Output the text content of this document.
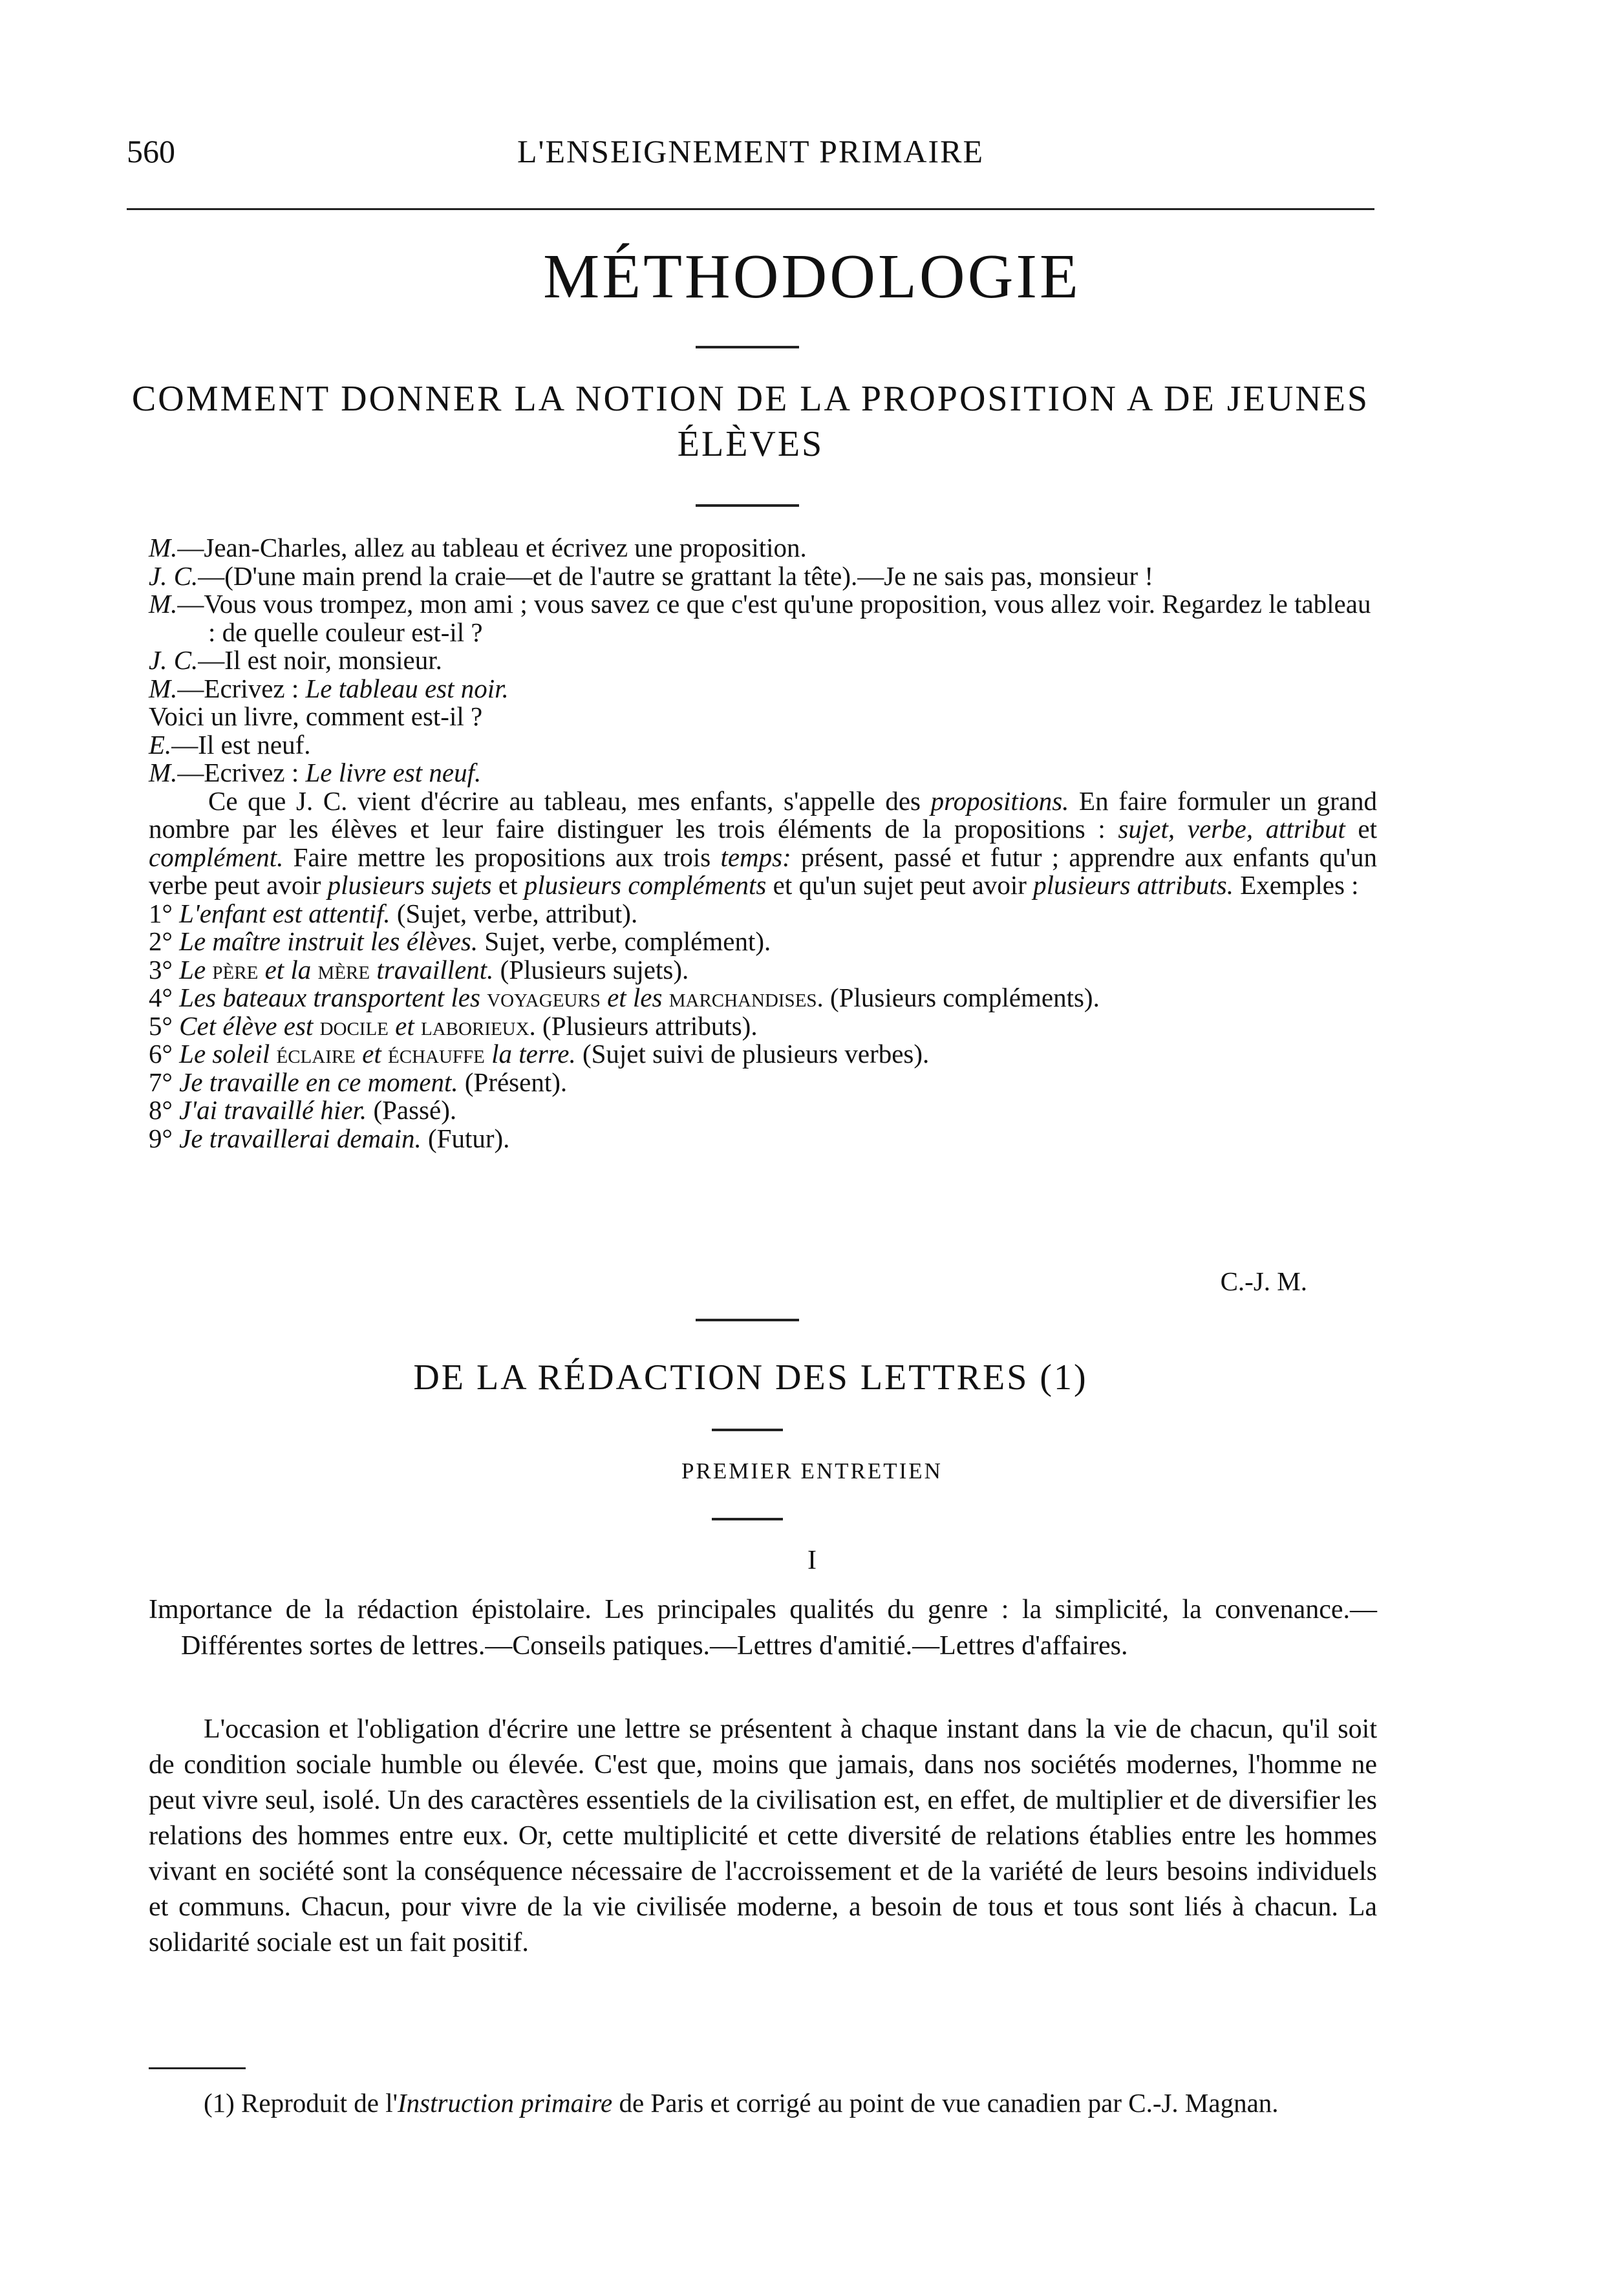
560	L'ENSEIGNEMENT PRIMAIRE
MÉTHODOLOGIE
COMMENT DONNER LA NOTION DE LA PROPOSITION A DE JEUNES ÉLÈVES

M.—Jean-Charles, allez au tableau et écrivez une proposition.

J. C.—(D'une main prend la craie—et de l'autre se grattant la tête).—Je ne sais pas, monsieur !

M.—Vous vous trompez, mon ami ; vous savez ce que c'est qu'une proposition, vous allez voir. Regardez le tableau : de quelle couleur est-il ?

J. C.—Il est noir, monsieur.

M.—Ecrivez : Le tableau est noir.

Voici un livre, comment est-il ?

E.—Il est neuf.

M.—Ecrivez : Le livre est neuf.

Ce que J. C. vient d'écrire au tableau, mes enfants, s'appelle des propositions. En faire formuler un grand nombre par les élèves et leur faire distinguer les trois éléments de la propositions : sujet, verbe, attribut et complément. Faire mettre les propositions aux trois temps: présent, passé et futur ; apprendre aux enfants qu'un verbe peut avoir plusieurs sujets et plusieurs compléments et qu'un sujet peut avoir plusieurs attributs. Exemples :

1° L'enfant est attentif. (Sujet, verbe, attribut).

2° Le maître instruit les élèves. Sujet, verbe, complément).

3° Le père et la mère travaillent. (Plusieurs sujets).

4° Les bateaux transportent les voyageurs et les marchandises. (Plusieurs compléments).

5° Cet élève est docile et laborieux. (Plusieurs attributs).

6° Le soleil éclaire et échauffe la terre. (Sujet suivi de plusieurs verbes).

7° Je travaille en ce moment. (Présent).

8° J'ai travaillé hier. (Passé).

9° Je travaillerai demain. (Futur).

C.-J. M.
DE LA RÉDACTION DES LETTRES (1)
PREMIER ENTRETIEN
I
Importance de la rédaction épistolaire. Les principales qualités du genre : la simplicité, la convenance.—Différentes sortes de lettres.—Conseils patiques.—Lettres d'amitié.—Lettres d'affaires.

L'occasion et l'obligation d'écrire une lettre se présentent à chaque instant dans la vie de chacun, qu'il soit de condition sociale humble ou élevée. C'est que, moins que jamais, dans nos sociétés modernes, l'homme ne peut vivre seul, isolé. Un des caractères essentiels de la civilisation est, en effet, de multiplier et de diversifier les relations des hommes entre eux. Or, cette multiplicité et cette diversité de relations établies entre les hommes vivant en société sont la conséquence nécessaire de l'accroissement et de la variété de leurs besoins individuels et communs. Chacun, pour vivre de la vie civilisée moderne, a besoin de tous et tous sont liés à chacun. La solidarité sociale est un fait positif.

(1) Reproduit de l'Instruction primaire de Paris et corrigé au point de vue canadien par C.-J. Magnan.
